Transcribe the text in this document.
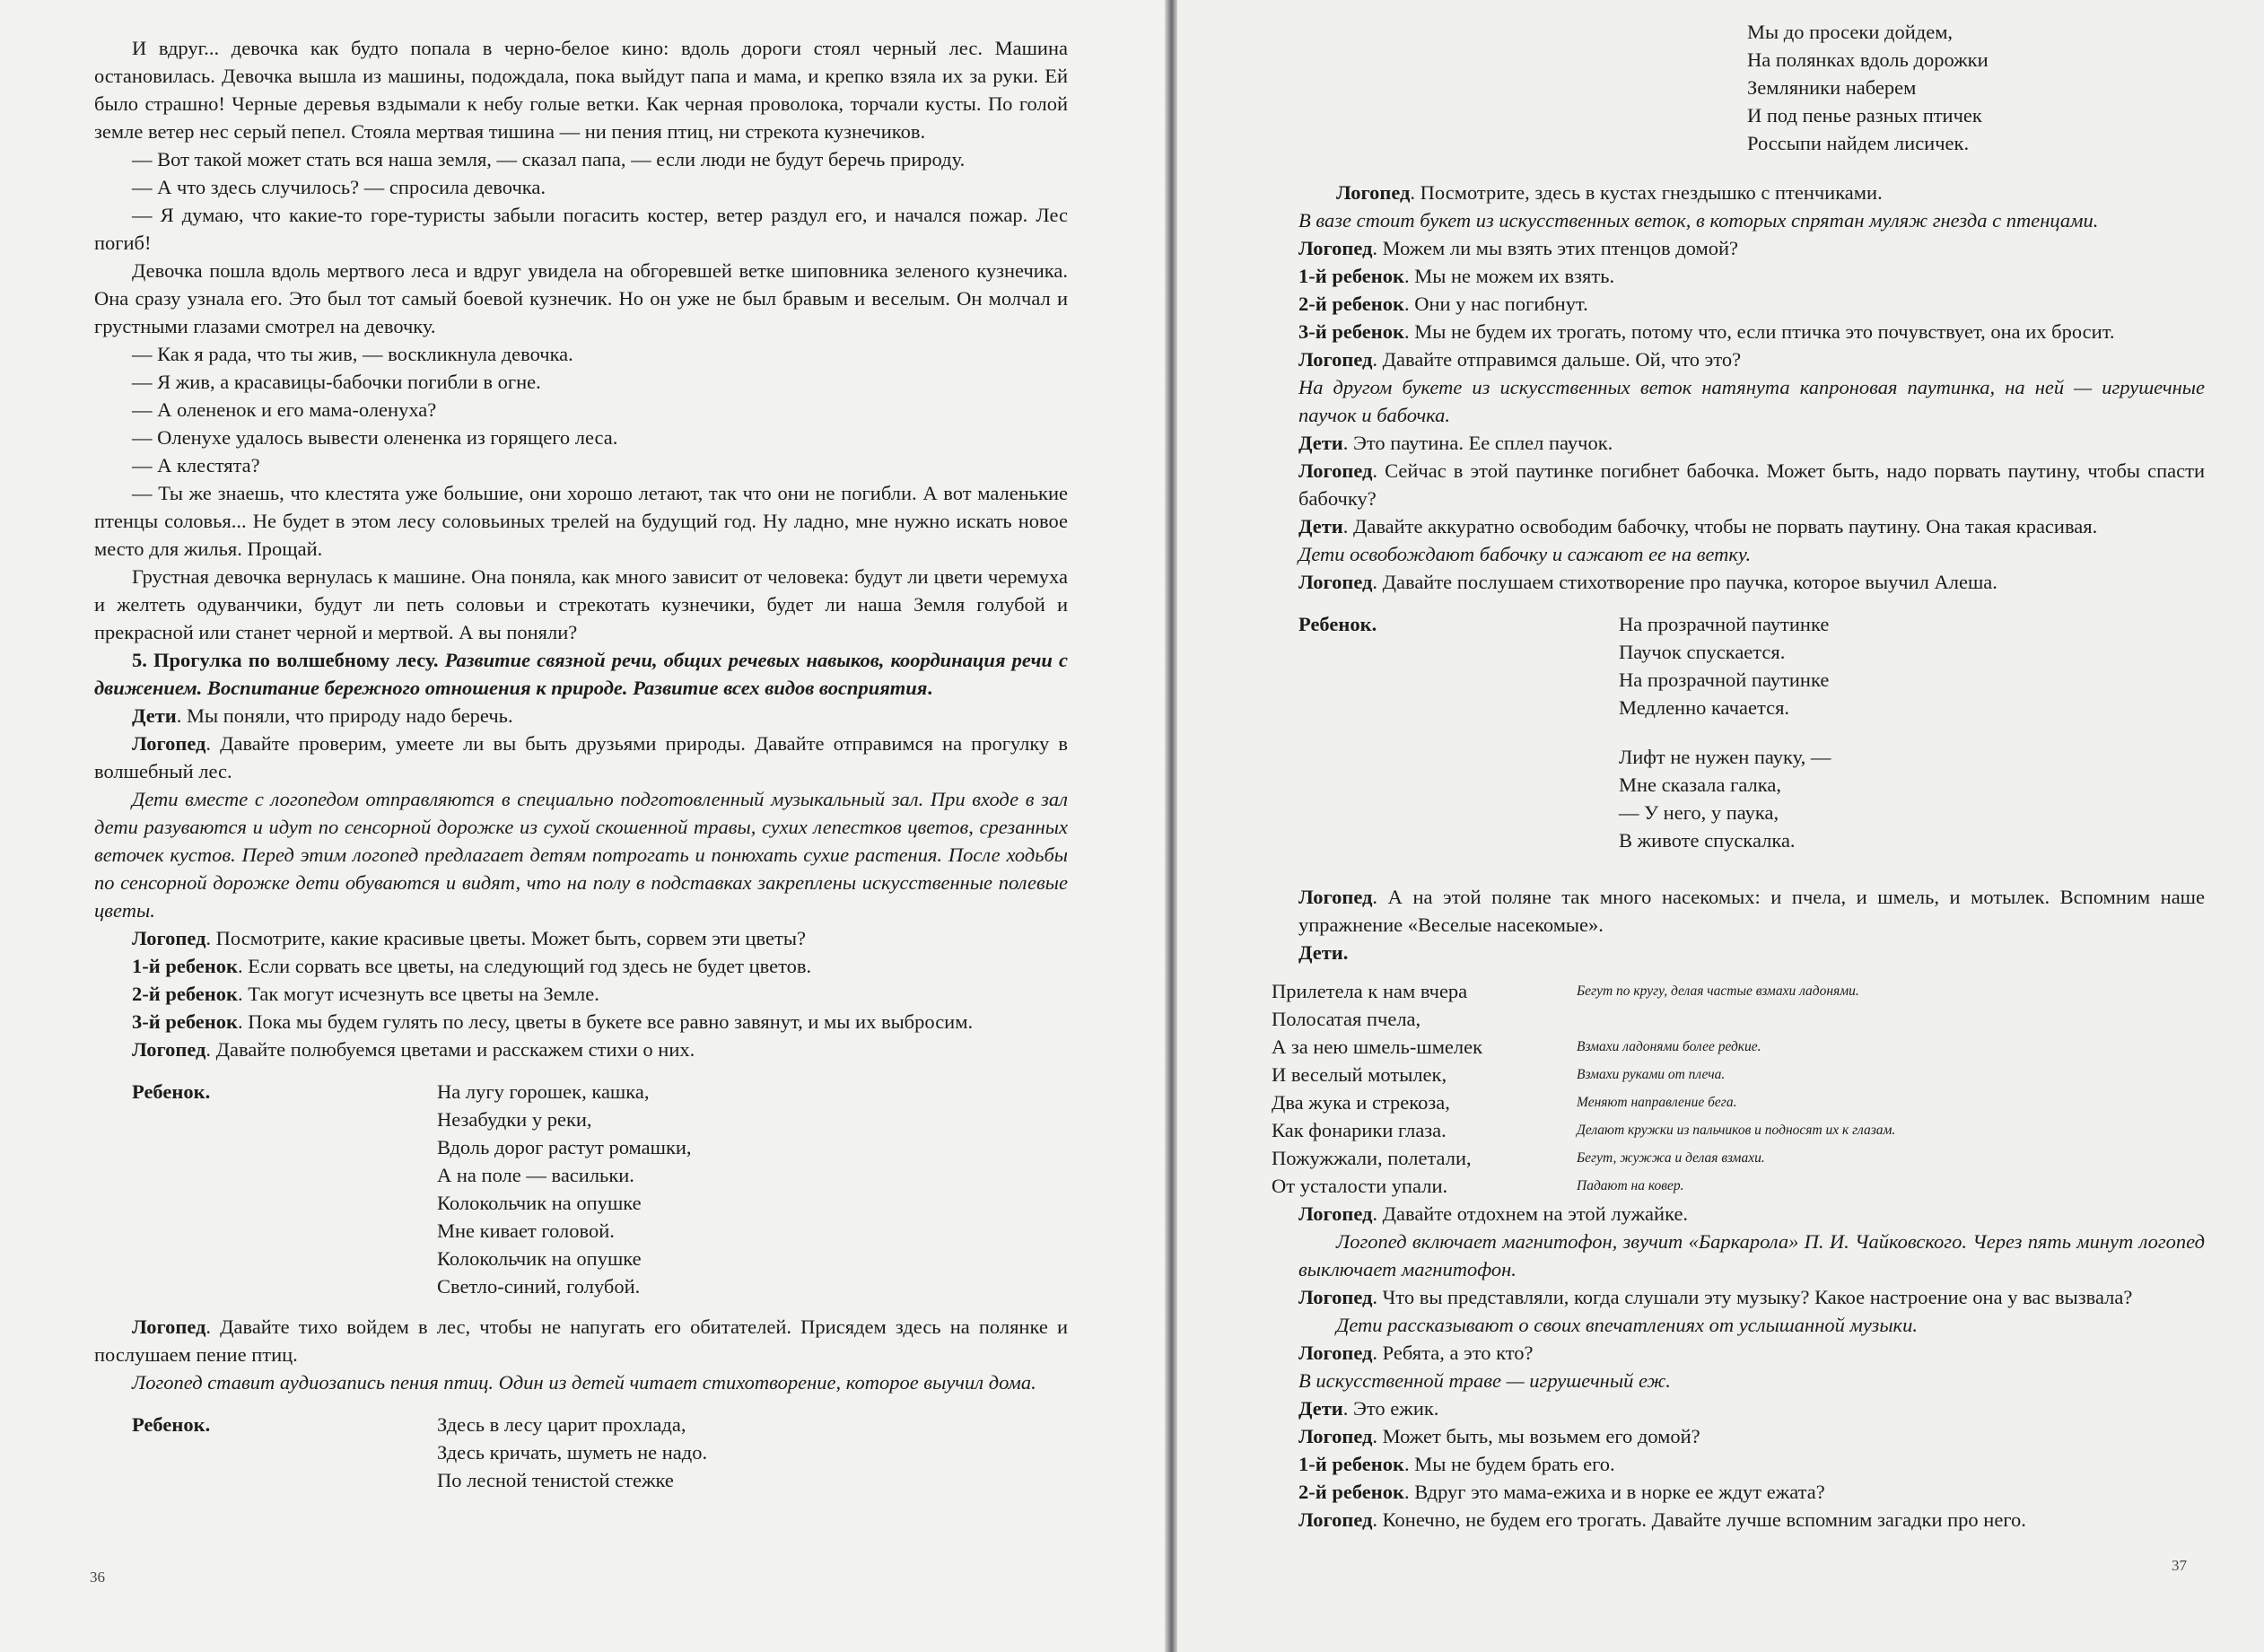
И вдруг... девочка как будто попала в черно-белое кино: вдоль дороги стоял черный лес. Машина остановилась. Девочка вышла из машины, подождала, пока выйдут папа и мама, и крепко взяла их за руки. Ей было страшно! Черные деревья вздымали к небу голые ветки. Как черная проволока, торчали кусты. По голой земле ветер нес серый пепел. Стояла мертвая тишина — ни пения птиц, ни стрекота кузнечиков.

— Вот такой может стать вся наша земля, — сказал папа, — если люди не будут беречь природу.

— А что здесь случилось? — спросила девочка.

— Я думаю, что какие-то горе-туристы забыли погасить костер, ветер раздул его, и начался пожар. Лес погиб!

Девочка пошла вдоль мертвого леса и вдруг увидела на обгоревшей ветке шиповника зеленого кузнечика. Она сразу узнала его. Это был тот самый боевой кузнечик. Но он уже не был бравым и веселым. Он молчал и грустными глазами смотрел на девочку.

— Как я рада, что ты жив, — воскликнула девочка.

— Я жив, а красавицы-бабочки погибли в огне.

— А олененок и его мама-оленуха?

— Оленуxе удалось вывести олененка из горящего леса.

— А клестята?

— Ты же знаешь, что клестята уже большие, они хорошо летают, так что они не погибли. А вот маленькие птенцы соловья... Не будет в этом лесу соловьиных трелей на будущий год. Ну ладно, мне нужно искать новое место для жилья. Прощай.

Грустная девочка вернулась к машине. Она поняла, как много зависит от человека: будут ли цвети черемуха и желтеть одуванчики, будут ли петь соловьи и стрекотать кузнечики, будет ли наша Земля голубой и прекрасной или станет черной и мертвой. А вы поняли?

5. Прогулка по волшебному лесу. Развитие связной речи, общих речевых навыков, координация речи с движением. Воспитание бережного отношения к природе. Развитие всех видов восприятия.

Дети. Мы поняли, что природу надо беречь.

Логопед. Давайте проверим, умеете ли вы быть друзьями природы. Давайте отправимся на прогулку в волшебный лес.

Дети вместе с логопедом отправляются в специально подготовленный музыкальный зал. При входе в зал дети разуваются и идут по сенсорной дорожке из сухой скошенной травы, сухих лепестков цветов, срезанных веточек кустов. Перед этим логопед предлагает детям потрогать и понюхать сухие растения. После ходьбы по сенсорной дорожке дети обуваются и видят, что на полу в подставках закреплены искусственные полевые цветы.

Логопед. Посмотрите, какие красивые цветы. Может быть, сорвем эти цветы?

1-й ребенок. Если сорвать все цветы, на следующий год здесь не будет цветов.

2-й ребенок. Так могут исчезнуть все цветы на Земле.

3-й ребенок. Пока мы будем гулять по лесу, цветы в букете все равно завянут, и мы их выбросим.

Логопед. Давайте полюбуемся цветами и расскажем стихи о них.

Ребенок.	На лугу горошек, кашка,
Незабудки у реки,
Вдоль дорог растут ромашки,
А на поле — васильки.
Колокольчик на опушке
Мне кивает головой.
Колокольчик на опушке
Светло-синий, голубой.

Логопед. Давайте тихо войдем в лес, чтобы не напугать его обитателей. Присядем здесь на полянке и послушаем пение птиц.

Логопед ставит аудиозапись пения птиц. Один из детей читает стихотворение, которое выучил дома.

Ребенок.	Здесь в лесу царит прохлада,
Здесь кричать, шуметь не надо.
По лесной тенистой стежке
36
Мы до просеки дойдем,
На полянках вдоль дорожки
Земляники наберем
И под пенье разных птичек
Россыпи найдем лисичек.

Логопед. Посмотрите, здесь в кустах гнездышко с птенчиками.

В вазе стоит букет из искусственных веток, в которых спрятан муляж гнезда с птенцами.

Логопед. Можем ли мы взять этих птенцов домой?

1-й ребенок. Мы не можем их взять.

2-й ребенок. Они у нас погибнут.

3-й ребенок. Мы не будем их трогать, потому что, если птичка это почувствует, она их бросит.

Логопед. Давайте отправимся дальше. Ой, что это?

На другом букете из искусственных веток натянута капроновая паутинка, на ней — игрушечные паучок и бабочка.

Дети. Это паутина. Ее сплел паучок.

Логопед. Сейчас в этой паутинке погибнет бабочка. Может быть, надо порвать паутину, чтобы спасти бабочку?

Дети. Давайте аккуратно освободим бабочку, чтобы не порвать паутину. Она такая красивая.

Дети освобождают бабочку и сажают ее на ветку.

Логопед. Давайте послушаем стихотворение про паучка, которое выучил Алеша.

Ребенок.	На прозрачной паутинке
Паучок спускается.
На прозрачной паутинке
Медленно качается.
Лифт не нужен пауку, —
Мне сказала галка,
— У него, у паука,
В животе спускалка.

Логопед. А на этой поляне так много насекомых: и пчела, и шмель, и мотылек. Вспомним наше упражнение «Веселые насекомые».

Дети.

Прилетела к нам вчера	Бегут по кругу, делая частые взмахи ладонями.
Полосатая пчела,
А за нею шмель-шмелек	Взмахи ладонями более редкие.
И веселый мотылек,	Взмахи руками от плеча.
Два жука и стрекоза,	Меняют направление бега.
Как фонарики глаза.	Делают кружки из пальчиков и подносят их к глазам.
Пожужжали, полетали,	Бегут, жужжа и делая взмахи.
От усталости упали.	Падают на ковер.

Логопед. Давайте отдохнем на этой лужайке.

Логопед включает магнитофон, звучит «Баркарола» П. И. Чайковского. Через пять минут логопед выключает магнитофон.

Логопед. Что вы представляли, когда слушали эту музыку? Какое настроение она у вас вызвала?

Дети рассказывают о своих впечатлениях от услышанной музыки.

Логопед. Ребята, а это кто?

В искусственной траве — игрушечный еж.

Дети. Это ежик.

Логопед. Может быть, мы возьмем его домой?

1-й ребенок. Мы не будем брать его.

2-й ребенок. Вдруг это мама-ежиха и в норке ее ждут ежата?

Логопед. Конечно, не будем его трогать. Давайте лучше вспомним загадки про него.

37
